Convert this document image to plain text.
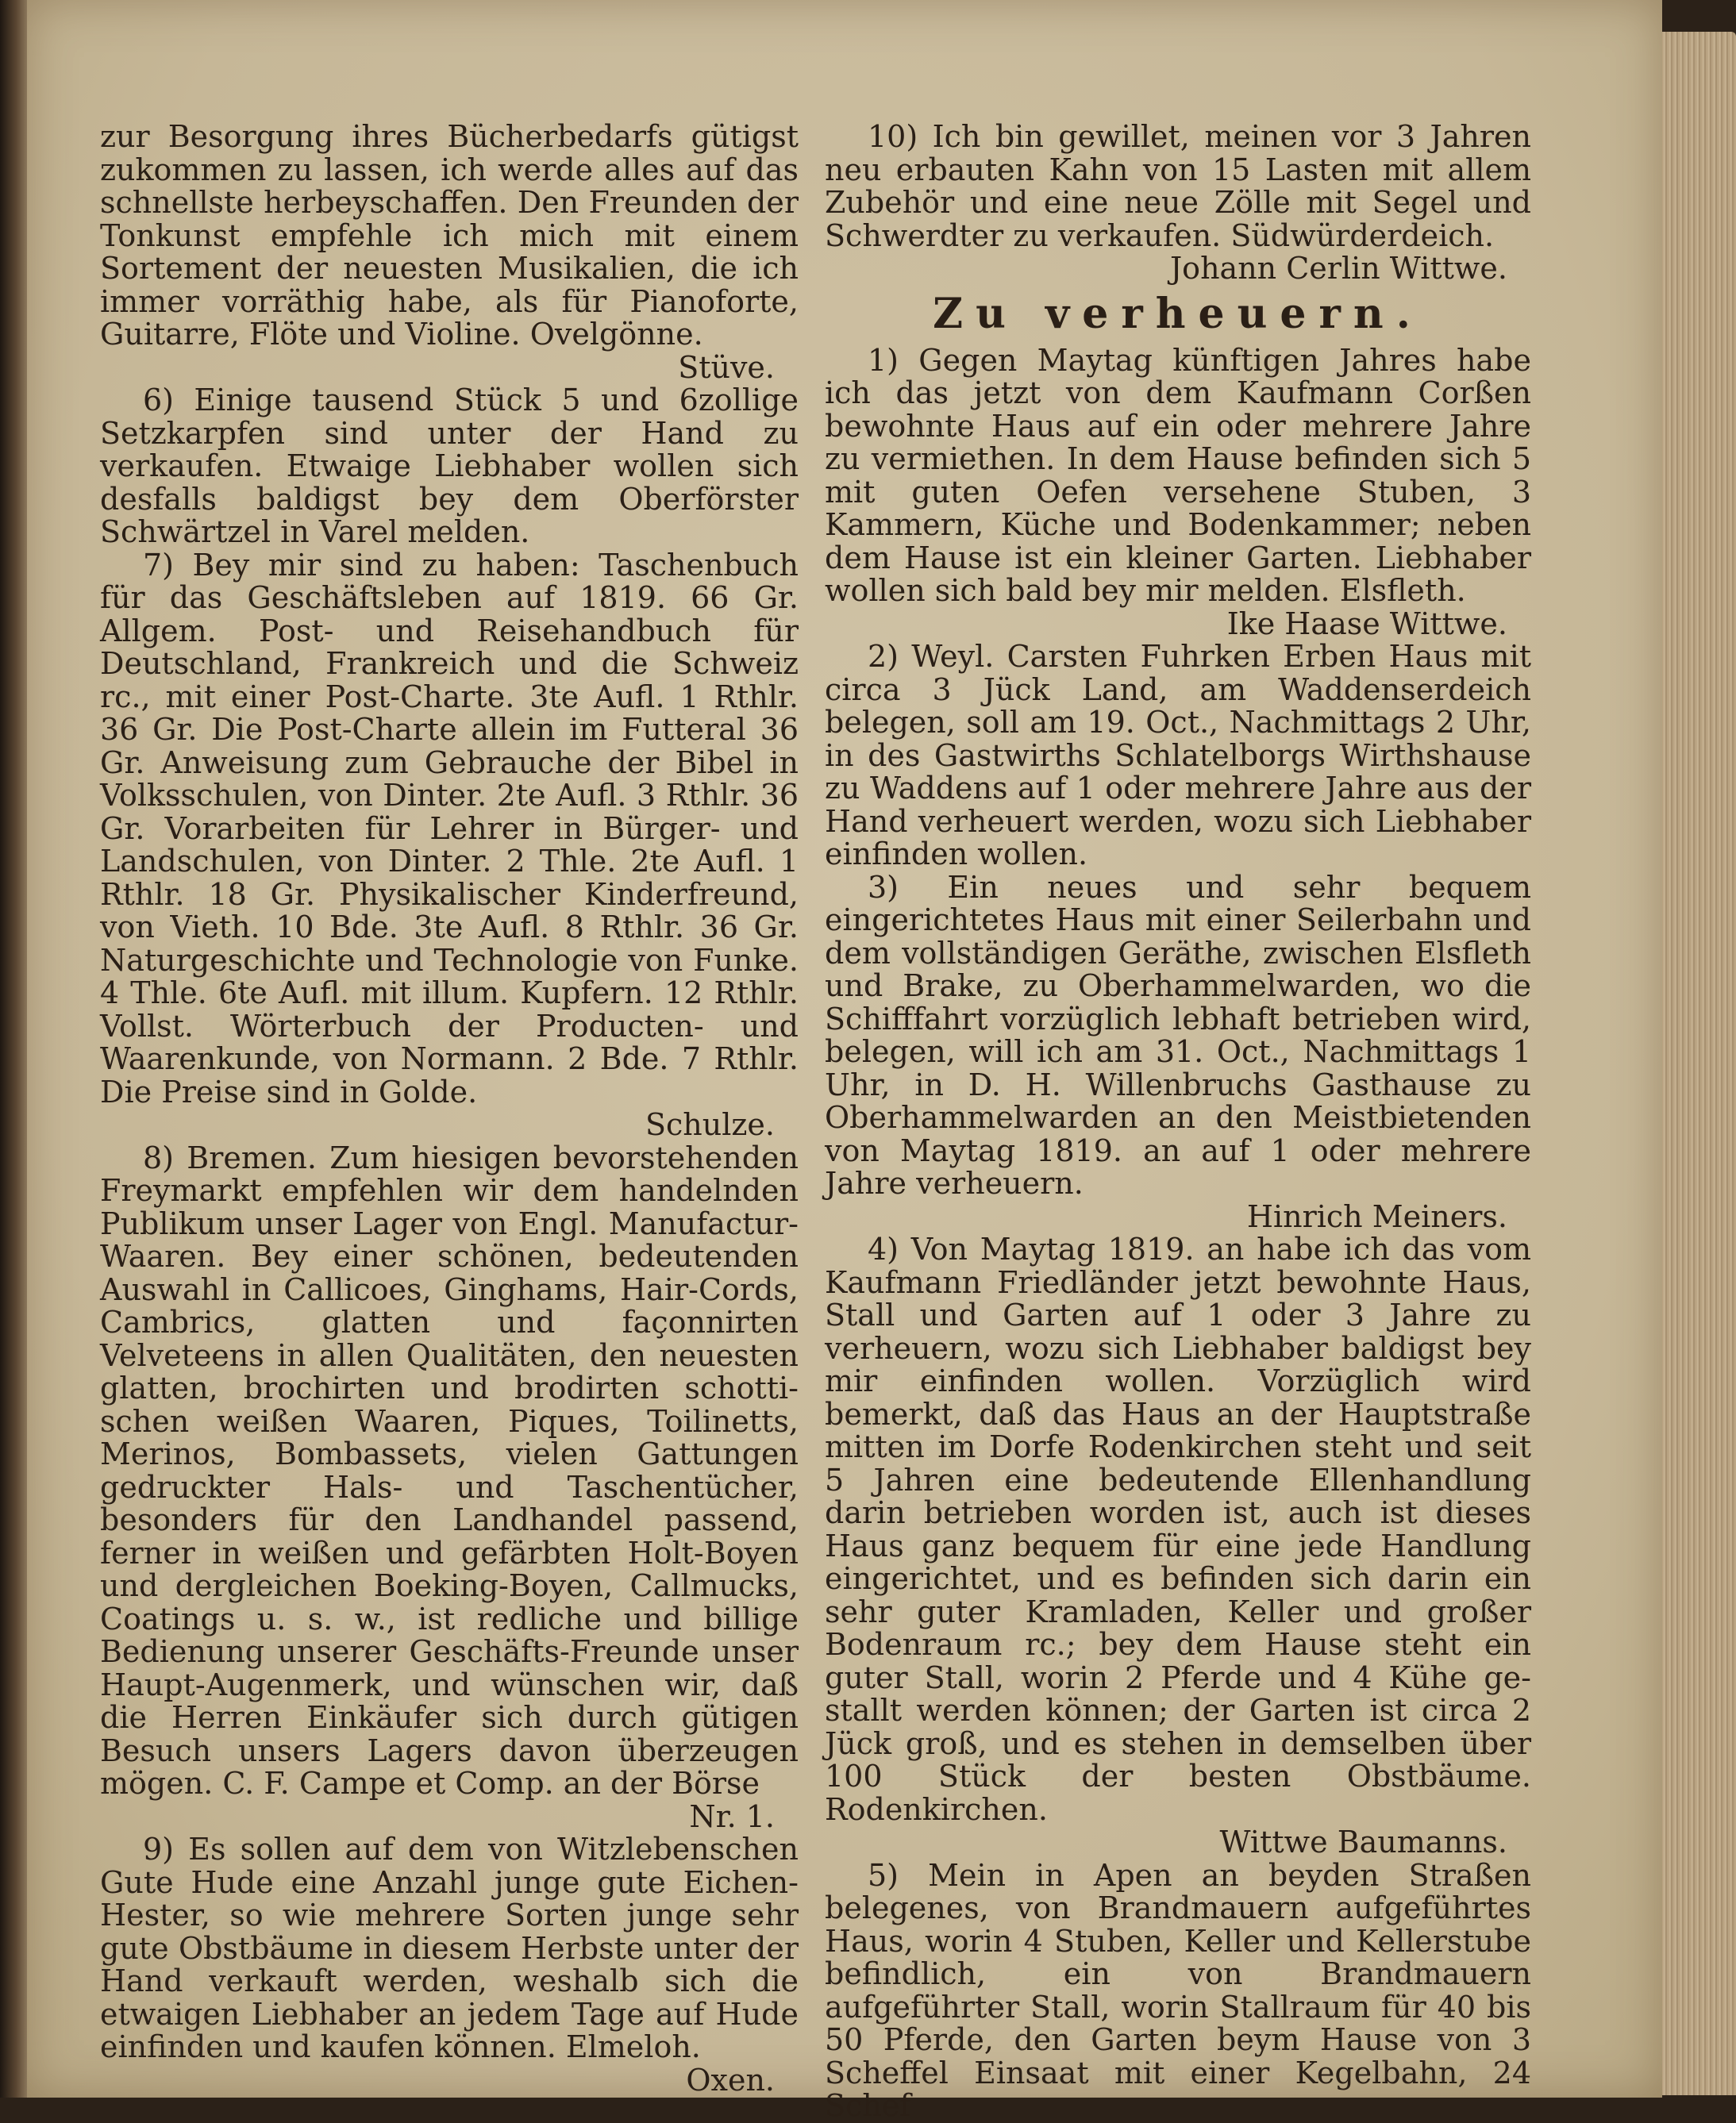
zur Besorgung ihres Bücherbedarfs gütigst zukommen zu lassen, ich werde alles auf das schnellste herbeyschaffen. Den Freunden der Tonkunst empfehle ich mich mit einem Sortement der neuesten Musikalien, die ich immer vorräthig habe, als für Pianoforte, Guitarre, Flöte und Violine. Ovelgönne.

Stüve.

6) Einige tausend Stück 5 und 6zollige Setzkarpfen sind unter der Hand zu verkaufen. Etwaige Liebhaber wollen sich desfalls baldigst bey dem Oberförster Schwärtzel in Varel melden.

7) Bey mir sind zu haben: Taschenbuch für das Geschäftsleben auf 1819. 66 Gr. Allgem. Post- und Reisehandbuch für Deutschland, Frankreich und die Schweiz rc., mit einer Post-Charte. 3te Aufl. 1 Rthlr. 36 Gr. Die Post-Charte allein im Futteral 36 Gr. Anweisung zum Gebrauche der Bibel in Volksschulen, von Dinter. 2te Aufl. 3 Rthlr. 36 Gr. Vorarbeiten für Lehrer in Bürger- und Landschulen, von Dinter. 2 Thle. 2te Aufl. 1 Rthlr. 18 Gr. Physikalischer Kinderfreund, von Vieth. 10 Bde. 3te Aufl. 8 Rthlr. 36 Gr. Naturgeschichte und Technologie von Funke. 4 Thle. 6te Aufl. mit illum. Kupfern. 12 Rthlr. Vollst. Wörterbuch der Producten- und Waarenkunde, von Normann. 2 Bde. 7 Rthlr. Die Preise sind in Golde.

Schulze.

8) Bremen. Zum hiesigen bevorstehenden Freymarkt empfehlen wir dem handelnden Publikum unser Lager von Engl. Manufactur-Waaren. Bey einer schönen, bedeutenden Auswahl in Callicoes, Ginghams, Hair-Cords, Cambrics, glatten und façonnirten Velveteens in allen Qualitäten, den neuesten glatten, brochirten und brodirten schottischen weißen Waaren, Piques, Toilinetts, Merinos, Bombassets, vielen Gattungen gedruckter Hals- und Taschentücher, besonders für den Landhandel passend, ferner in weißen und gefärbten Holt-Boyen und dergleichen Boeking-Boyen, Callmucks, Coatings u. s. w., ist redliche und billige Bedienung unserer Geschäfts-Freunde unser Haupt-Augenmerk, und wünschen wir, daß die Herren Einkäufer sich durch gütigen Besuch unsers Lagers davon überzeugen mögen. C. F. Campe et Comp. an der Börse

Nr. 1.

9) Es sollen auf dem von Witzlebenschen Gute Hude eine Anzahl junge gute Eichen-Hester, so wie mehrere Sorten junge sehr gute Obstbäume in diesem Herbste unter der Hand verkauft werden, weshalb sich die etwaigen Liebhaber an jedem Tage auf Hude einfinden und kaufen können. Elmeloh.

Oxen.

10) Ich bin gewillet, meinen vor 3 Jahren neu erbauten Kahn von 15 Lasten mit allem Zubehör und eine neue Zölle mit Segel und Schwerdter zu verkaufen. Südwürderdeich.

Johann Cerlin Wittwe.

Zu verheuern.

1) Gegen Maytag künftigen Jahres habe ich das jetzt von dem Kaufmann Corßen bewohnte Haus auf ein oder mehrere Jahre zu vermiethen. In dem Hause befinden sich 5 mit guten Oefen versehene Stuben, 3 Kammern, Küche und Bodenkammer; neben dem Hause ist ein kleiner Garten. Liebhaber wollen sich bald bey mir melden. Elsfleth.

Ike Haase Wittwe.

2) Weyl. Carsten Fuhrken Erben Haus mit circa 3 Jück Land, am Waddenserdeich belegen, soll am 19. Oct., Nachmittags 2 Uhr, in des Gastwirths Schlatelborgs Wirthshause zu Waddens auf 1 oder mehrere Jahre aus der Hand verheuert werden, wozu sich Liebhaber einfinden wollen.

3) Ein neues und sehr bequem eingerichtetes Haus mit einer Seilerbahn und dem vollständigen Geräthe, zwischen Elsfleth und Brake, zu Oberhammelwarden, wo die Schifffahrt vorzüglich lebhaft betrieben wird, belegen, will ich am 31. Oct., Nachmittags 1 Uhr, in D. H. Willenbruchs Gasthause zu Oberhammelwarden an den Meistbietenden von Maytag 1819. an auf 1 oder mehrere Jahre verheuern.

Hinrich Meiners.

4) Von Maytag 1819. an habe ich das vom Kaufmann Friedländer jetzt bewohnte Haus, Stall und Garten auf 1 oder 3 Jahre zu verheuern, wozu sich Liebhaber baldigst bey mir einfinden wollen. Vorzüglich wird bemerkt, daß das Haus an der Hauptstraße mitten im Dorfe Rodenkirchen steht und seit 5 Jahren eine bedeutende Ellenhandlung darin betrieben worden ist, auch ist dieses Haus ganz bequem für eine jede Handlung eingerichtet, und es befinden sich darin ein sehr guter Kramladen, Keller und großer Bodenraum rc.; bey dem Hause steht ein guter Stall, worin 2 Pferde und 4 Kühe gestallt werden können; der Garten ist circa 2 Jück groß, und es stehen in demselben über 100 Stück der besten Obstbäume. Rodenkirchen.

Wittwe Baumanns.

5) Mein in Apen an beyden Straßen belegenes, von Brandmauern aufgeführtes Haus, worin 4 Stuben, Keller und Kellerstube befindlich, ein von Brandmauern aufgeführter Stall, worin Stallraum für 40 bis 50 Pferde, den Garten beym Hause von 3 Scheffel Einsaat mit einer Kegelbahn, 24 Schef
